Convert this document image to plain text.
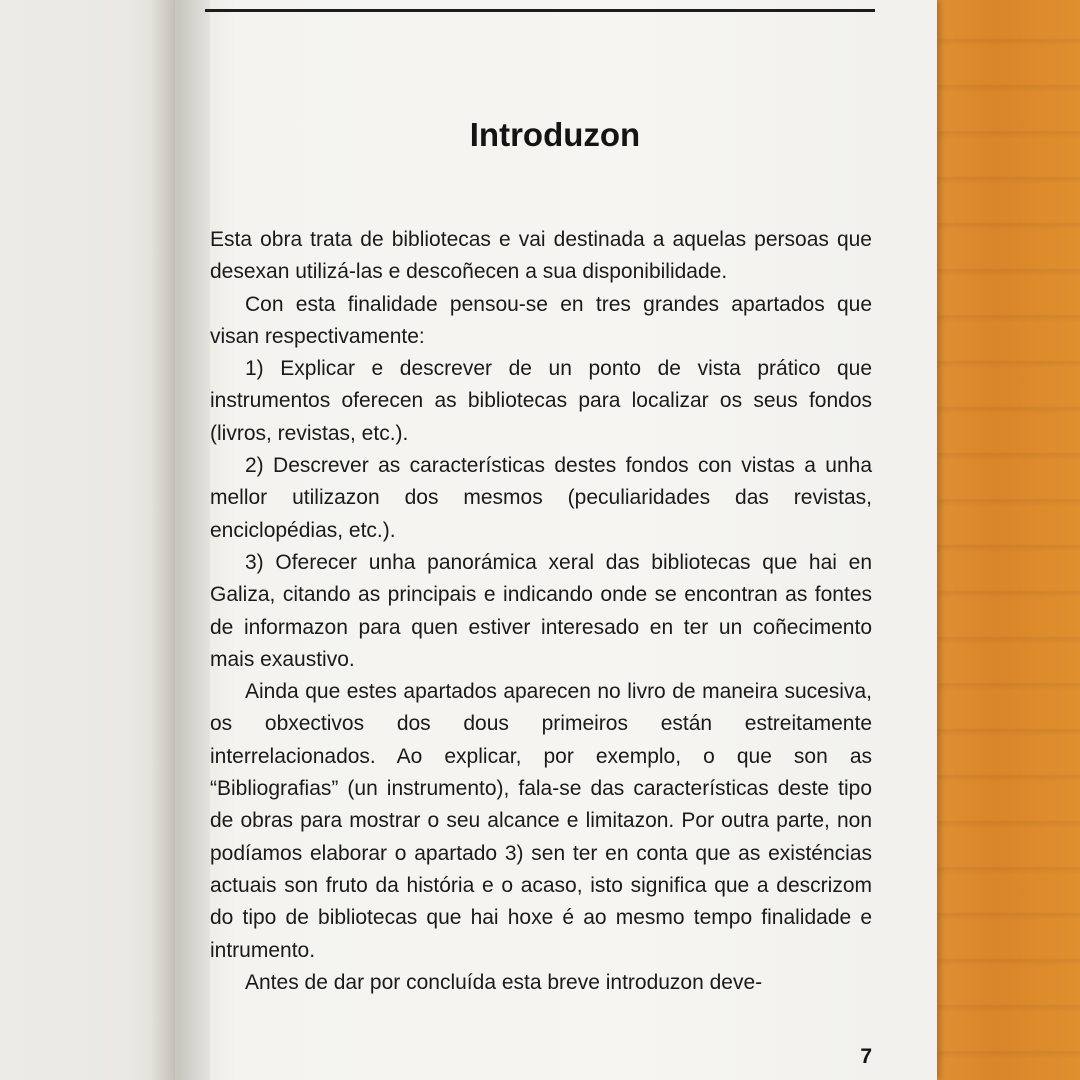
Introduzon

Esta obra trata de bibliotecas e vai destinada a aquelas persoas que desexan utilizá-las e descoñecen a sua disponibilidade.

Con esta finalidade pensou-se en tres grandes apartados que visan respectivamente:

1) Explicar e descrever de un ponto de vista prático que instrumentos oferecen as bibliotecas para localizar os seus fondos (livros, revistas, etc.).

2) Descrever as características destes fondos con vistas a unha mellor utilizazon dos mesmos (peculiaridades das revistas, enciclopédias, etc.).

3) Oferecer unha panorámica xeral das bibliotecas que hai en Galiza, citando as principais e indicando onde se encontran as fontes de informazon para quen estiver interesado en ter un coñecimento mais exaustivo.

Ainda que estes apartados aparecen no livro de maneira sucesiva, os obxectivos dos dous primeiros están estreitamente interrelacionados. Ao explicar, por exemplo, o que son as “Bibliografias” (un instrumento), fala-se das características deste tipo de obras para mostrar o seu alcance e limitazon. Por outra parte, non podíamos elaborar o apartado 3) sen ter en conta que as existéncias actuais son fruto da história e o acaso, isto significa que a descrizom do tipo de bibliotecas que hai hoxe é ao mesmo tempo finalidade e intrumento.

Antes de dar por concluída esta breve introduzon deve-

7
